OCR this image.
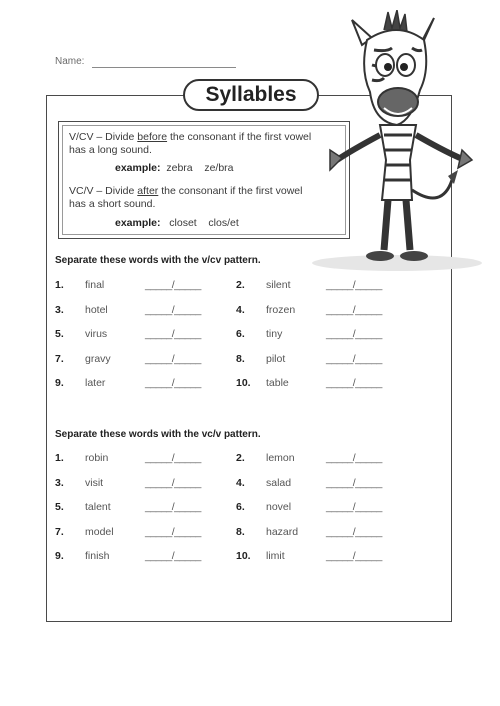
Name:
Syllables
V/CV – Divide before the consonant if the first vowel
has a long sound.
example: zebra ze/bra
VC/V – Divide after the consonant if the first vowel
has a short sound.
example: closet clos/et
Separate these words with the v/cv pattern.
1. final	_____/_____	2. silent	_____/_____
3. hotel	_____/_____	4. frozen	_____/_____
5. virus	_____/_____	6. tiny	_____/_____
7. gravy	_____/_____	8. pilot	_____/_____
9. later	_____/_____	10. table	_____/_____
Separate these words with the vc/v pattern.
1. robin	_____/_____	2. lemon	_____/_____
3. visit	_____/_____	4. salad	_____/_____
5. talent	_____/_____	6. novel	_____/_____
7. model	_____/_____	8. hazard	_____/_____
9. finish	_____/_____	10. limit	_____/_____
